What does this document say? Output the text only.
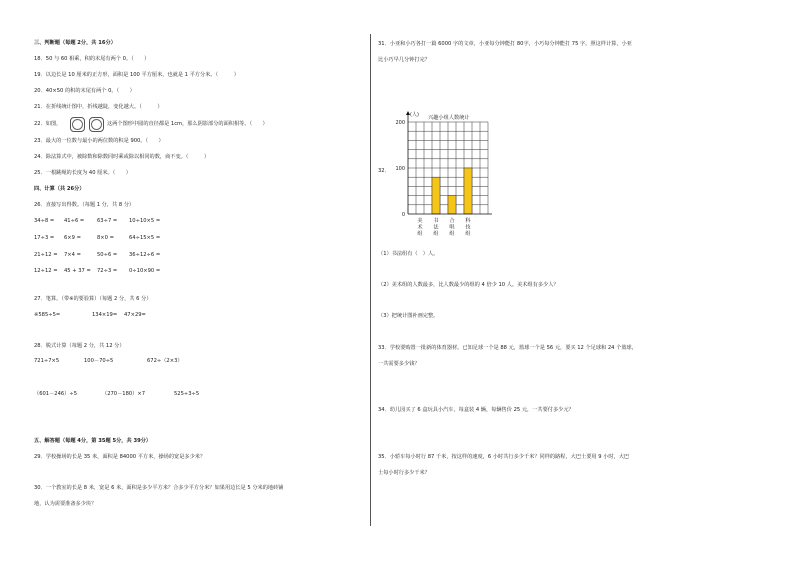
三、判断题（每题 2分，共 16分）
18．50 与 60 相乘，积的末尾有两个 0。（　　）
19．以边长是 10 厘米的正方形，面积是 100 平方厘米，也就是 1 平方分米。（　　　）
20．40×50 的积的末尾有两个 0。（　　）
21．在折线统计图中，折线越陡，变化越大。（　　　）
22．如图，	这两个图形中圆的直径都是 1cm，那么阴影部分的面积相等。（　　）
23．最大的一位数与最小的两位数的积是 900。（　　）
24．除法算式中，被除数和除数同时乘或除以相同的数，商不变。（　　　）
25．一根跳绳的长度为 40 厘米。（　　）
四、计算（共 26分）
26．直接写出得数。（每题 1 分，共 8 分）
34÷8 = 41÷6 = 63÷7 = 10÷10×5 =
17÷3 = 6×9 =	8×0 =	64÷15×5 =
21÷12 = 7×4 =	50÷6 = 36÷12÷6 =
12÷12 = 45 + 37 = 72÷3 = 0÷10×90 =
27．笔算。（带※的要验算）（每题 2 分，共 6 分）
※585÷5=	134×19= 47×29=
28．脱式计算（每题 2 分，共 12 分）
721÷7×5	100－70÷5	672÷（2×3）
（601－246）÷5	（270－180）×7	525÷3÷5
五、解答题（每题 4分，第 35题 5分，共 39分）
29．学校操场的长是 35 米，面积是 84000 平方米，操场的宽是多少米？
30．一个教室的长是 8 米，宽是 6 米，面积是多少平方米？合多少平方分米？如果用边长是 5 分米的地砖铺
地，认为需要准备多少块？
31．小亚和小巧各打一篇 6000 字的文章，小亚每分钟能打 80字，小巧每分钟能打 75 字。照这样计算，小亚
比小巧早几分钟打完？
32．
0
100
200
(人) 兴趣小组人数统计
美
术
组
书
法
组
合
唱
组
科
技
组
（1）书法组有（　）人。
（2）美术组的人数最多，比人数最少的组的 4 倍少 10 人。美术组有多少人？
（3）把统计图补画完整。
33．学校要购置一批新的体育器材。已知足球一个是 88 元，篮球一个是 56 元，要买 12 个足球和 24 个篮球，
一共需要多少钱？
34．幼儿园买了 6 盒玩具小汽车，每盒装 4 辆，每辆售价 25 元，一共要付多少元？
35．小轿车每小时行 87 千米，按这样的速度，6 小时共行多少千米？同样的路程，大巴士要用 9 小时，大巴
士每小时行多少千米？
